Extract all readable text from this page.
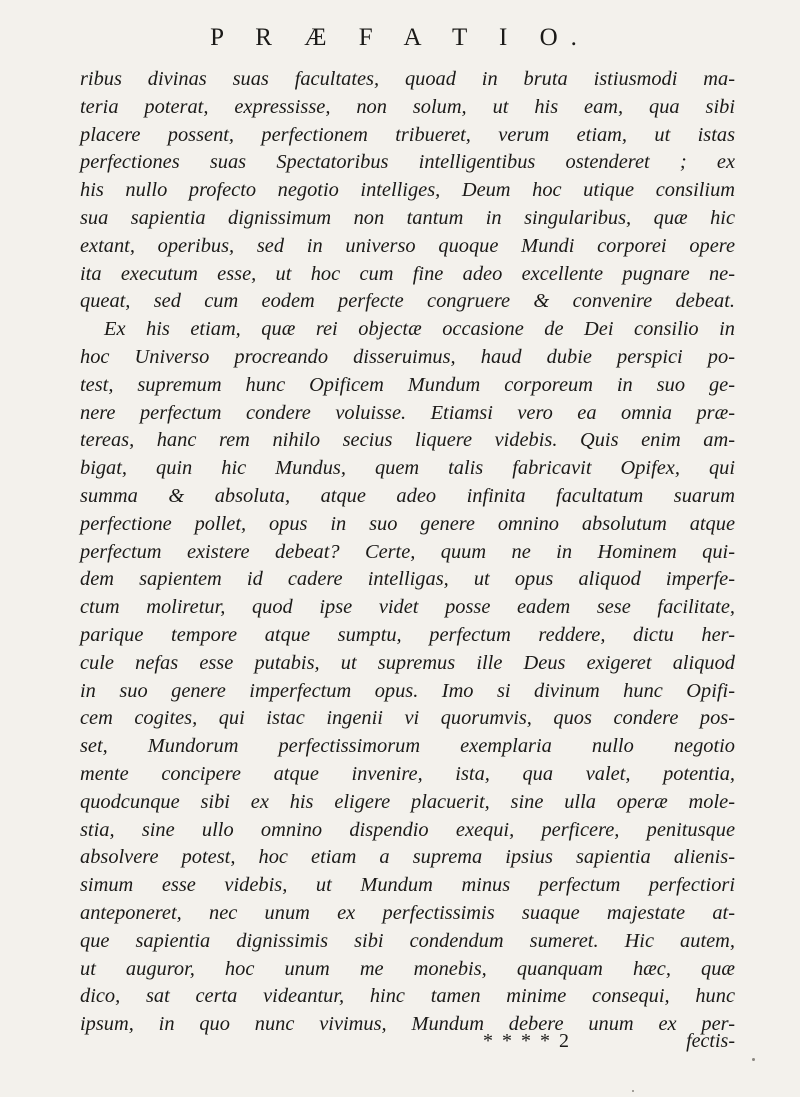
P R Æ F A T I O.
ribus divinas suas facultates, quoad in bruta istiusmodi ma-
teria poterat, expressisse, non solum, ut his eam, qua sibi
placere possent, perfectionem tribueret, verum etiam, ut istas
perfectiones suas Spectatoribus intelligentibus ostenderet ; ex
his nullo profecto negotio intelliges, Deum hoc utique consilium
sua sapientia dignissimum non tantum in singularibus, quæ hic
extant, operibus, sed in universo quoque Mundi corporei opere
ita executum esse, ut hoc cum fine adeo excellente pugnare ne-
queat, sed cum eodem perfecte congruere & convenire debeat.
Ex his etiam, quæ rei objectæ occasione de Dei consilio in
hoc Universo procreando disseruimus, haud dubie perspici po-
test, supremum hunc Opificem Mundum corporeum in suo ge-
nere perfectum condere voluisse. Etiamsi vero ea omnia præ-
tereas, hanc rem nihilo secius liquere videbis. Quis enim am-
bigat, quin hic Mundus, quem talis fabricavit Opifex, qui
summa & absoluta, atque adeo infinita facultatum suarum
perfectione pollet, opus in suo genere omnino absolutum atque
perfectum existere debeat? Certe, quum ne in Hominem qui-
dem sapientem id cadere intelligas, ut opus aliquod imperfe-
ctum moliretur, quod ipse videt posse eadem sese facilitate,
parique tempore atque sumptu, perfectum reddere, dictu her-
cule nefas esse putabis, ut supremus ille Deus exigeret aliquod
in suo genere imperfectum opus. Imo si divinum hunc Opifi-
cem cogites, qui istac ingenii vi quorumvis, quos condere pos-
set, Mundorum perfectissimorum exemplaria nullo negotio
mente concipere atque invenire, ista, qua valet, potentia,
quodcunque sibi ex his eligere placuerit, sine ulla operæ mole-
stia, sine ullo omnino dispendio exequi, perficere, penitusque
absolvere potest, hoc etiam a suprema ipsius sapientia alienis-
simum esse videbis, ut Mundum minus perfectum perfectiori
anteponeret, nec unum ex perfectissimis suaque majestate at-
que sapientia dignissimis sibi condendum sumeret. Hic autem,
ut auguror, hoc unum me monebis, quanquam hæc, quæ
dico, sat certa videantur, hinc tamen minime consequi, hunc
ipsum, in quo nunc vivimus, Mundum debere unum ex per-
* * * * 2	fectis-
